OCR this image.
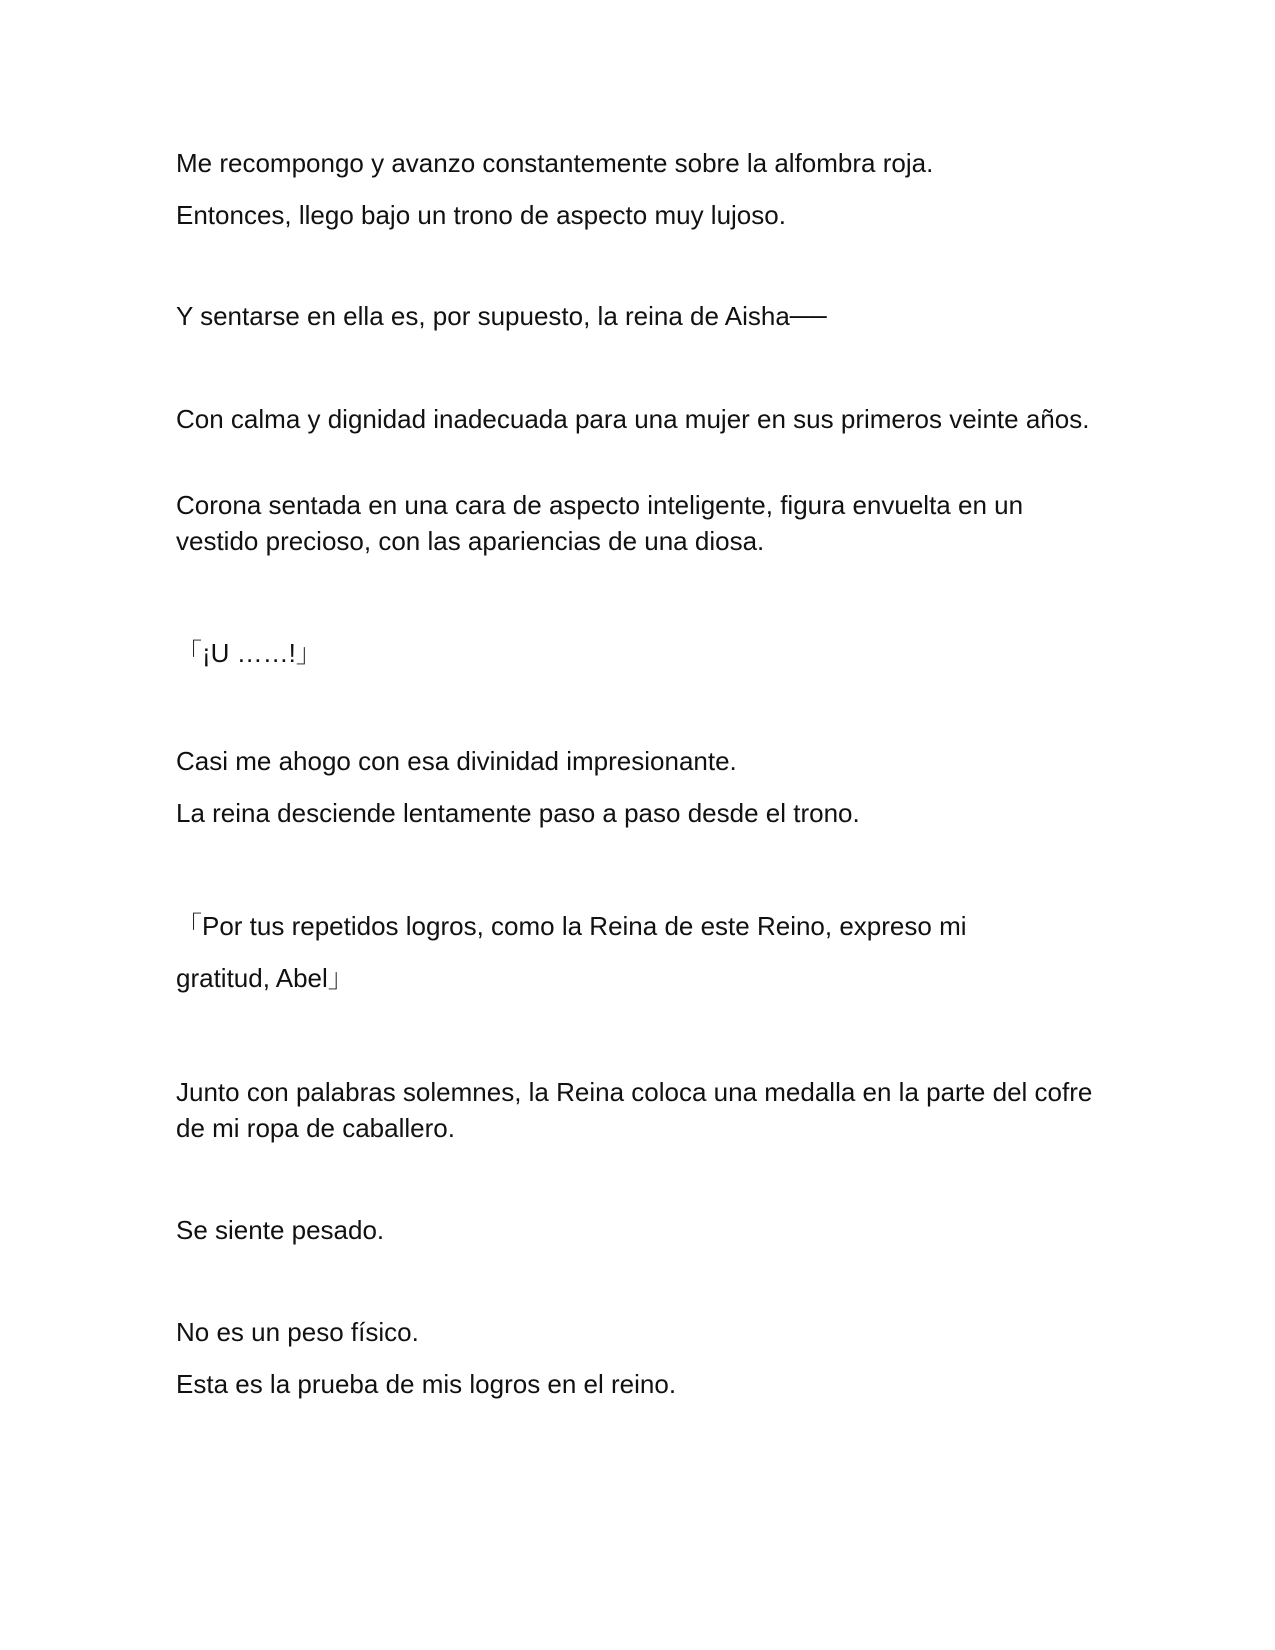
Me recompongo y avanzo constantemente sobre la alfombra roja.

Entonces, llego bajo un trono de aspecto muy lujoso.

Y sentarse en ella es, por supuesto, la reina de Aisha──

Con calma y dignidad inadecuada para una mujer en sus primeros veinte años.

Corona sentada en una cara de aspecto inteligente, figura envuelta en un vestido precioso, con las apariencias de una diosa.

「¡U ……!」

Casi me ahogo con esa divinidad impresionante.

La reina desciende lentamente paso a paso desde el trono.

「Por tus repetidos logros, como la Reina de este Reino, expreso mi

gratitud, Abel」

Junto con palabras solemnes, la Reina coloca una medalla en la parte del cofre de mi ropa de caballero.

Se siente pesado.

No es un peso físico.

Esta es la prueba de mis logros en el reino.
